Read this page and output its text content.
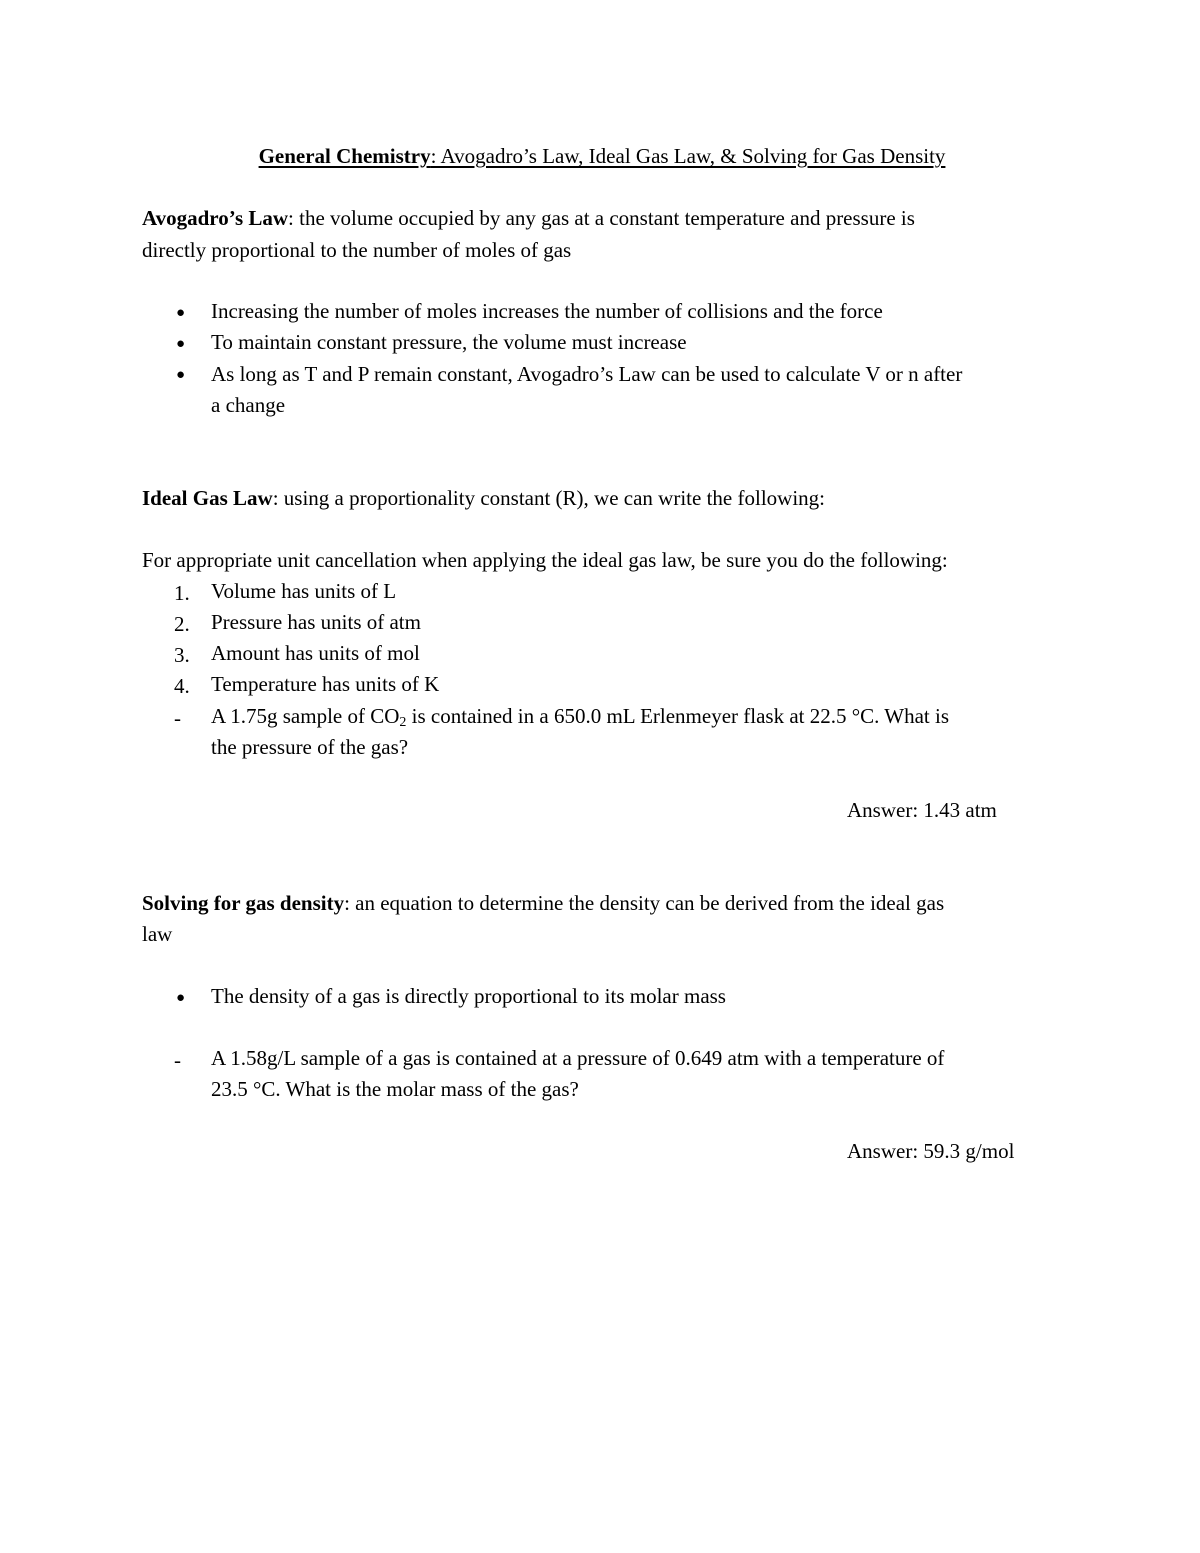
General Chemistry: Avogadro’s Law, Ideal Gas Law, & Solving for Gas Density
Avogadro’s Law: the volume occupied by any gas at a constant temperature and pressure is
directly proportional to the number of moles of gas
● Increasing the number of moles increases the number of collisions and the force
● To maintain constant pressure, the volume must increase
● As long as T and P remain constant, Avogadro’s Law can be used to calculate V or n after
a change
Ideal Gas Law: using a proportionality constant (R), we can write the following:
For appropriate unit cancellation when applying the ideal gas law, be sure you do the following:
1. Volume has units of L
2. Pressure has units of atm
3. Amount has units of mol
4. Temperature has units of K
- A 1.75g sample of $CO_2$ is contained in a 650.0 mL Erlenmeyer flask at 22.5 °C. What is
the pressure of the gas?
Answer: 1.43 atm
Solving for gas density: an equation to determine the density can be derived from the ideal gas
law
● The density of a gas is directly proportional to its molar mass
- A 1.58g/L sample of a gas is contained at a pressure of 0.649 atm with a temperature of
23.5 °C. What is the molar mass of the gas?
Answer: 59.3 g/mol
